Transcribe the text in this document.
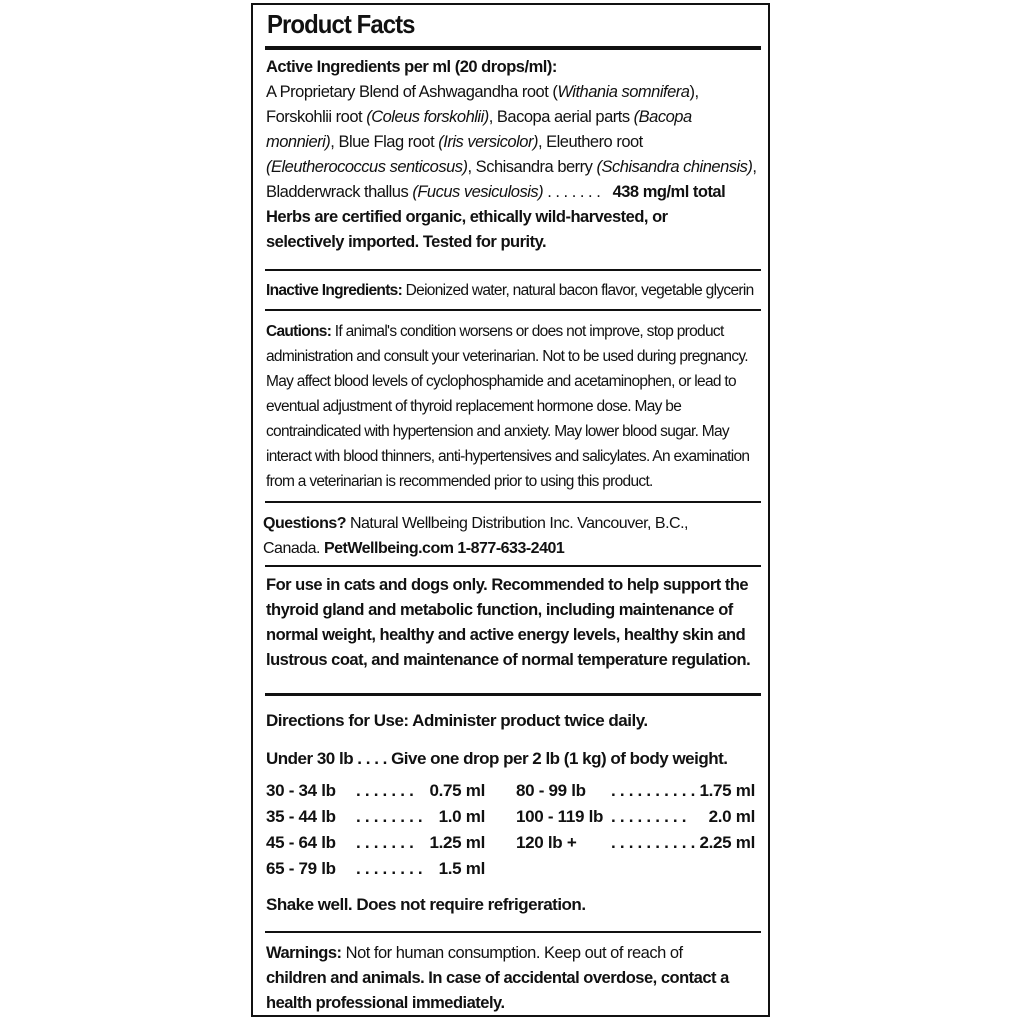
Product Facts
Active Ingredients per ml (20 drops/ml):
A Proprietary Blend of Ashwagandha root (Withania somnifera),
Forskohlii root (Coleus forskohlii), Bacopa aerial parts (Bacopa
monnieri), Blue Flag root (Iris versicolor), Eleuthero root
(Eleutherococcus senticosus), Schisandra berry (Schisandra chinensis),
Bladderwrack thallus (Fucus vesiculosis) . . . . . . . 438 mg/ml total
Herbs are certified organic, ethically wild-harvested, or
selectively imported. Tested for purity.
Inactive Ingredients: Deionized water, natural bacon flavor, vegetable glycerin
Cautions: If animal's condition worsens or does not improve, stop product
administration and consult your veterinarian. Not to be used during pregnancy.
May affect blood levels of cyclophosphamide and acetaminophen, or lead to
eventual adjustment of thyroid replacement hormone dose. May be
contraindicated with hypertension and anxiety. May lower blood sugar. May
interact with blood thinners, anti-hypertensives and salicylates. An examination
from a veterinarian is recommended prior to using this product.
Questions? Natural Wellbeing Distribution Inc. Vancouver, B.C.,
Canada. PetWellbeing.com 1-877-633-2401
For use in cats and dogs only. Recommended to help support the
thyroid gland and metabolic function, including maintenance of
normal weight, healthy and active energy levels, healthy skin and
lustrous coat, and maintenance of normal temperature regulation.
Directions for Use: Administer product twice daily.
Under 30 lb . . . . Give one drop per 2 lb (1 kg) of body weight.
30 - 34 lb . . . . . . . 0.75 ml
35 - 44 lb . . . . . . . . 1.0 ml
45 - 64 lb . . . . . . . 1.25 ml
65 - 79 lb . . . . . . . . 1.5 ml
80 - 99 lb . . . . . . . . . . 1.75 ml
100 - 119 lb . . . . . . . . . 2.0 ml
120 lb + . . . . . . . . . . 2.25 ml
Shake well. Does not require refrigeration.
Warnings: Not for human consumption. Keep out of reach of
children and animals. In case of accidental overdose, contact a
health professional immediately.
